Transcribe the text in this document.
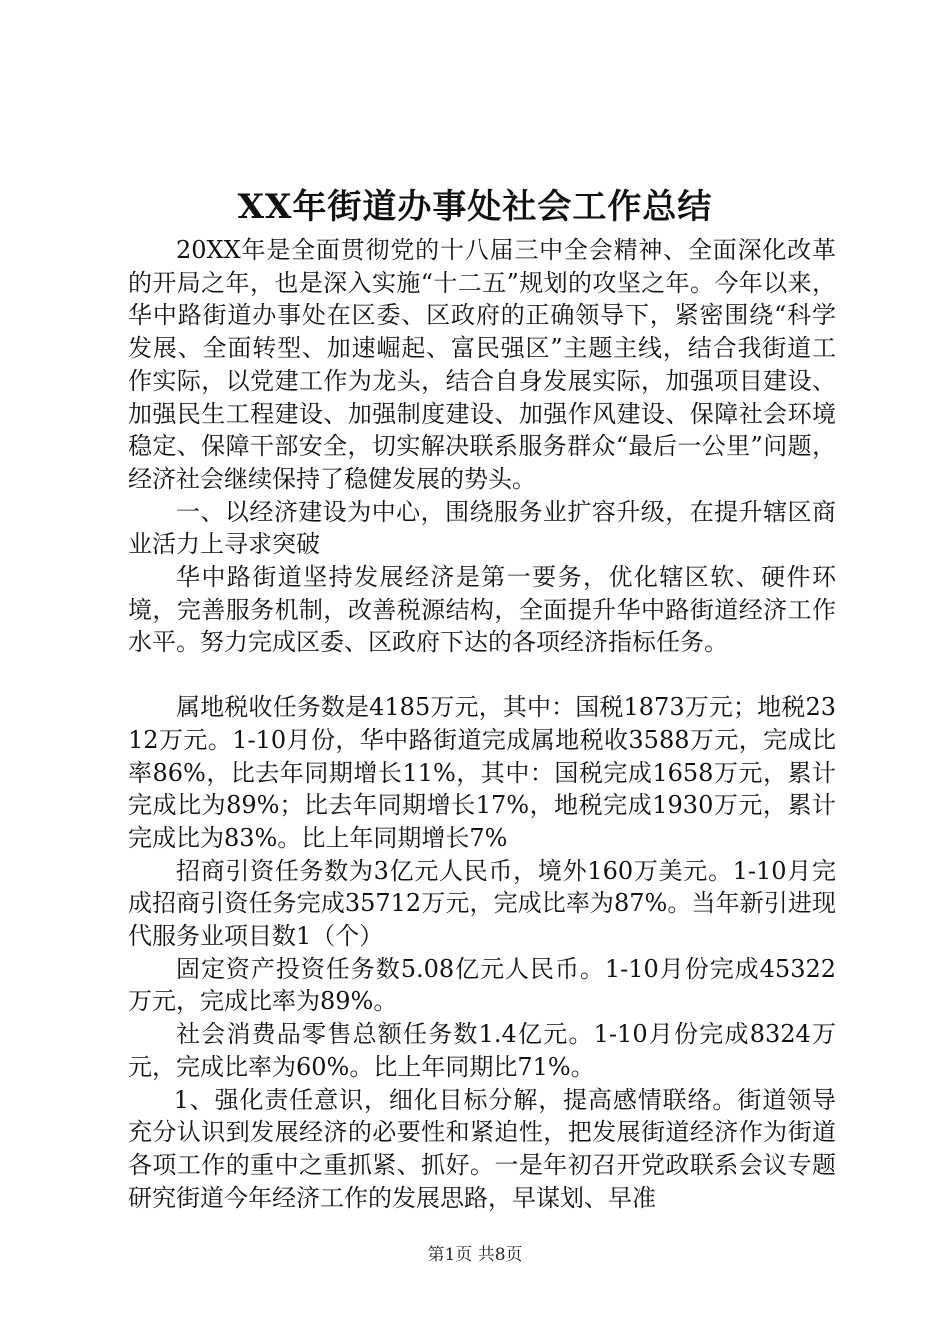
XX年街道办事处社会工作总结

20XX年是全面贯彻党的十八届三中全会精神、全面深化改革的开局之年，也是深入实施“十二五”规划的攻坚之年。今年以来，华中路街道办事处在区委、区政府的正确领导下，紧密围绕“科学发展、全面转型、加速崛起、富民强区”主题主线，结合我街道工作实际，以党建工作为龙头，结合自身发展实际，加强项目建设、加强民生工程建设、加强制度建设、加强作风建设、保障社会环境稳定、保障干部安全，切实解决联系服务群众“最后一公里”问题，经济社会继续保持了稳健发展的势头。

一、以经济建设为中心，围绕服务业扩容升级，在提升辖区商业活力上寻求突破

华中路街道坚持发展经济是第一要务，优化辖区软、硬件环境，完善服务机制，改善税源结构，全面提升华中路街道经济工作水平。努力完成区委、区政府下达的各项经济指标任务。

属地税收任务数是4185万元，其中：国税1873万元；地税2312万元。1-10月份，华中路街道完成属地税收3588万元，完成比率86%，比去年同期增长11%，其中：国税完成1658万元，累计完成比为89%；比去年同期增长17%，地税完成1930万元，累计完成比为83%。比上年同期增长7%

招商引资任务数为3亿元人民币，境外160万美元。1-10月完成招商引资任务完成35712万元，完成比率为87%。当年新引进现代服务业项目数1（个）

固定资产投资任务数5.08亿元人民币。1-10月份完成45322万元，完成比率为89%。

社会消费品零售总额任务数1.4亿元。1-10月份完成8324万元，完成比率为60%。比上年同期比71%。

1、强化责任意识，细化目标分解，提高感情联络。街道领导充分认识到发展经济的必要性和紧迫性，把发展街道经济作为街道各项工作的重中之重抓紧、抓好。一是年初召开党政联系会议专题研究街道今年经济工作的发展思路，早谋划、早准

第1页 共8页
